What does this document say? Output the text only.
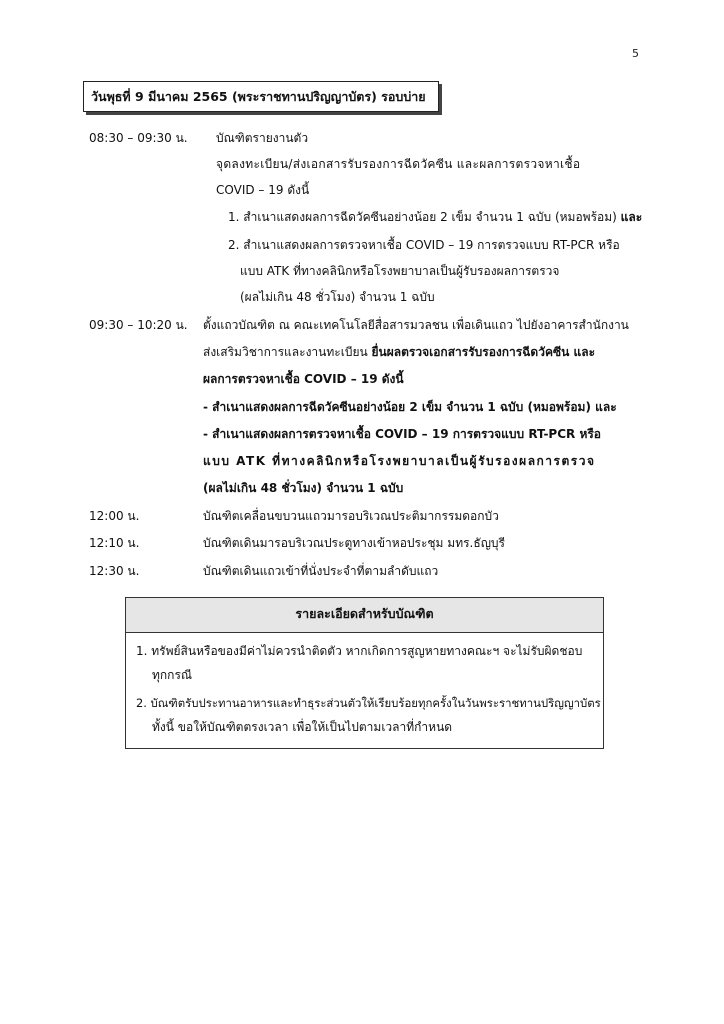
5
วันพุธที่ 9 มีนาคม 2565 (พระราชทานปริญญาบัตร) รอบบ่าย
08:30 – 09:30 น. บัณฑิตรายงานตัว
จุดลงทะเบียน/ส่งเอกสารรับรองการฉีดวัคซีน และผลการตรวจหาเชื้อ
COVID – 19 ดังนี้
1. สำเนาแสดงผลการฉีดวัคซีนอย่างน้อย 2 เข็ม จำนวน 1 ฉบับ (หมอพร้อม) และ
2. สำเนาแสดงผลการตรวจหาเชื้อ COVID – 19 การตรวจแบบ RT-PCR หรือ
แบบ ATK ที่ทางคลินิกหรือโรงพยาบาลเป็นผู้รับรองผลการตรวจ
(ผลไม่เกิน 48 ชั่วโมง) จำนวน 1 ฉบับ
09:30 – 10:20 น. ตั้งแถวบัณฑิต ณ คณะเทคโนโลยีสื่อสารมวลชน เพื่อเดินแถว ไปยังอาคารสำนักงาน
ส่งเสริมวิชาการและงานทะเบียน ยื่นผลตรวจเอกสารรับรองการฉีดวัคซีน และ
ผลการตรวจหาเชื้อ COVID – 19 ดังนี้
- สำเนาแสดงผลการฉีดวัคซีนอย่างน้อย 2 เข็ม จำนวน 1 ฉบับ (หมอพร้อม) และ
- สำเนาแสดงผลการตรวจหาเชื้อ COVID – 19 การตรวจแบบ RT-PCR หรือ
แบบ ATK ที่ทางคลินิกหรือโรงพยาบาลเป็นผู้รับรองผลการตรวจ
(ผลไม่เกิน 48 ชั่วโมง) จำนวน 1 ฉบับ
12:00 น.	บัณฑิตเคลื่อนขบวนแถวมารอบริเวณประติมากรรมดอกบัว
12:10 น.	บัณฑิตเดินมารอบริเวณประตูทางเข้าหอประชุม มทร.ธัญบุรี
12:30 น.	บัณฑิตเดินแถวเข้าที่นั่งประจำที่ตามลำดับแถว
รายละเอียดสำหรับบัณฑิต
1. ทรัพย์สินหรือของมีค่าไม่ควรนำติดตัว หากเกิดการสูญหายทางคณะฯ จะไม่รับผิดชอบ
ทุกกรณี
2. บัณฑิตรับประทานอาหารและทำธุระส่วนตัวให้เรียบร้อยทุกครั้งในวันพระราชทานปริญญาบัตร
ทั้งนี้ ขอให้บัณฑิตตรงเวลา เพื่อให้เป็นไปตามเวลาที่กำหนด
